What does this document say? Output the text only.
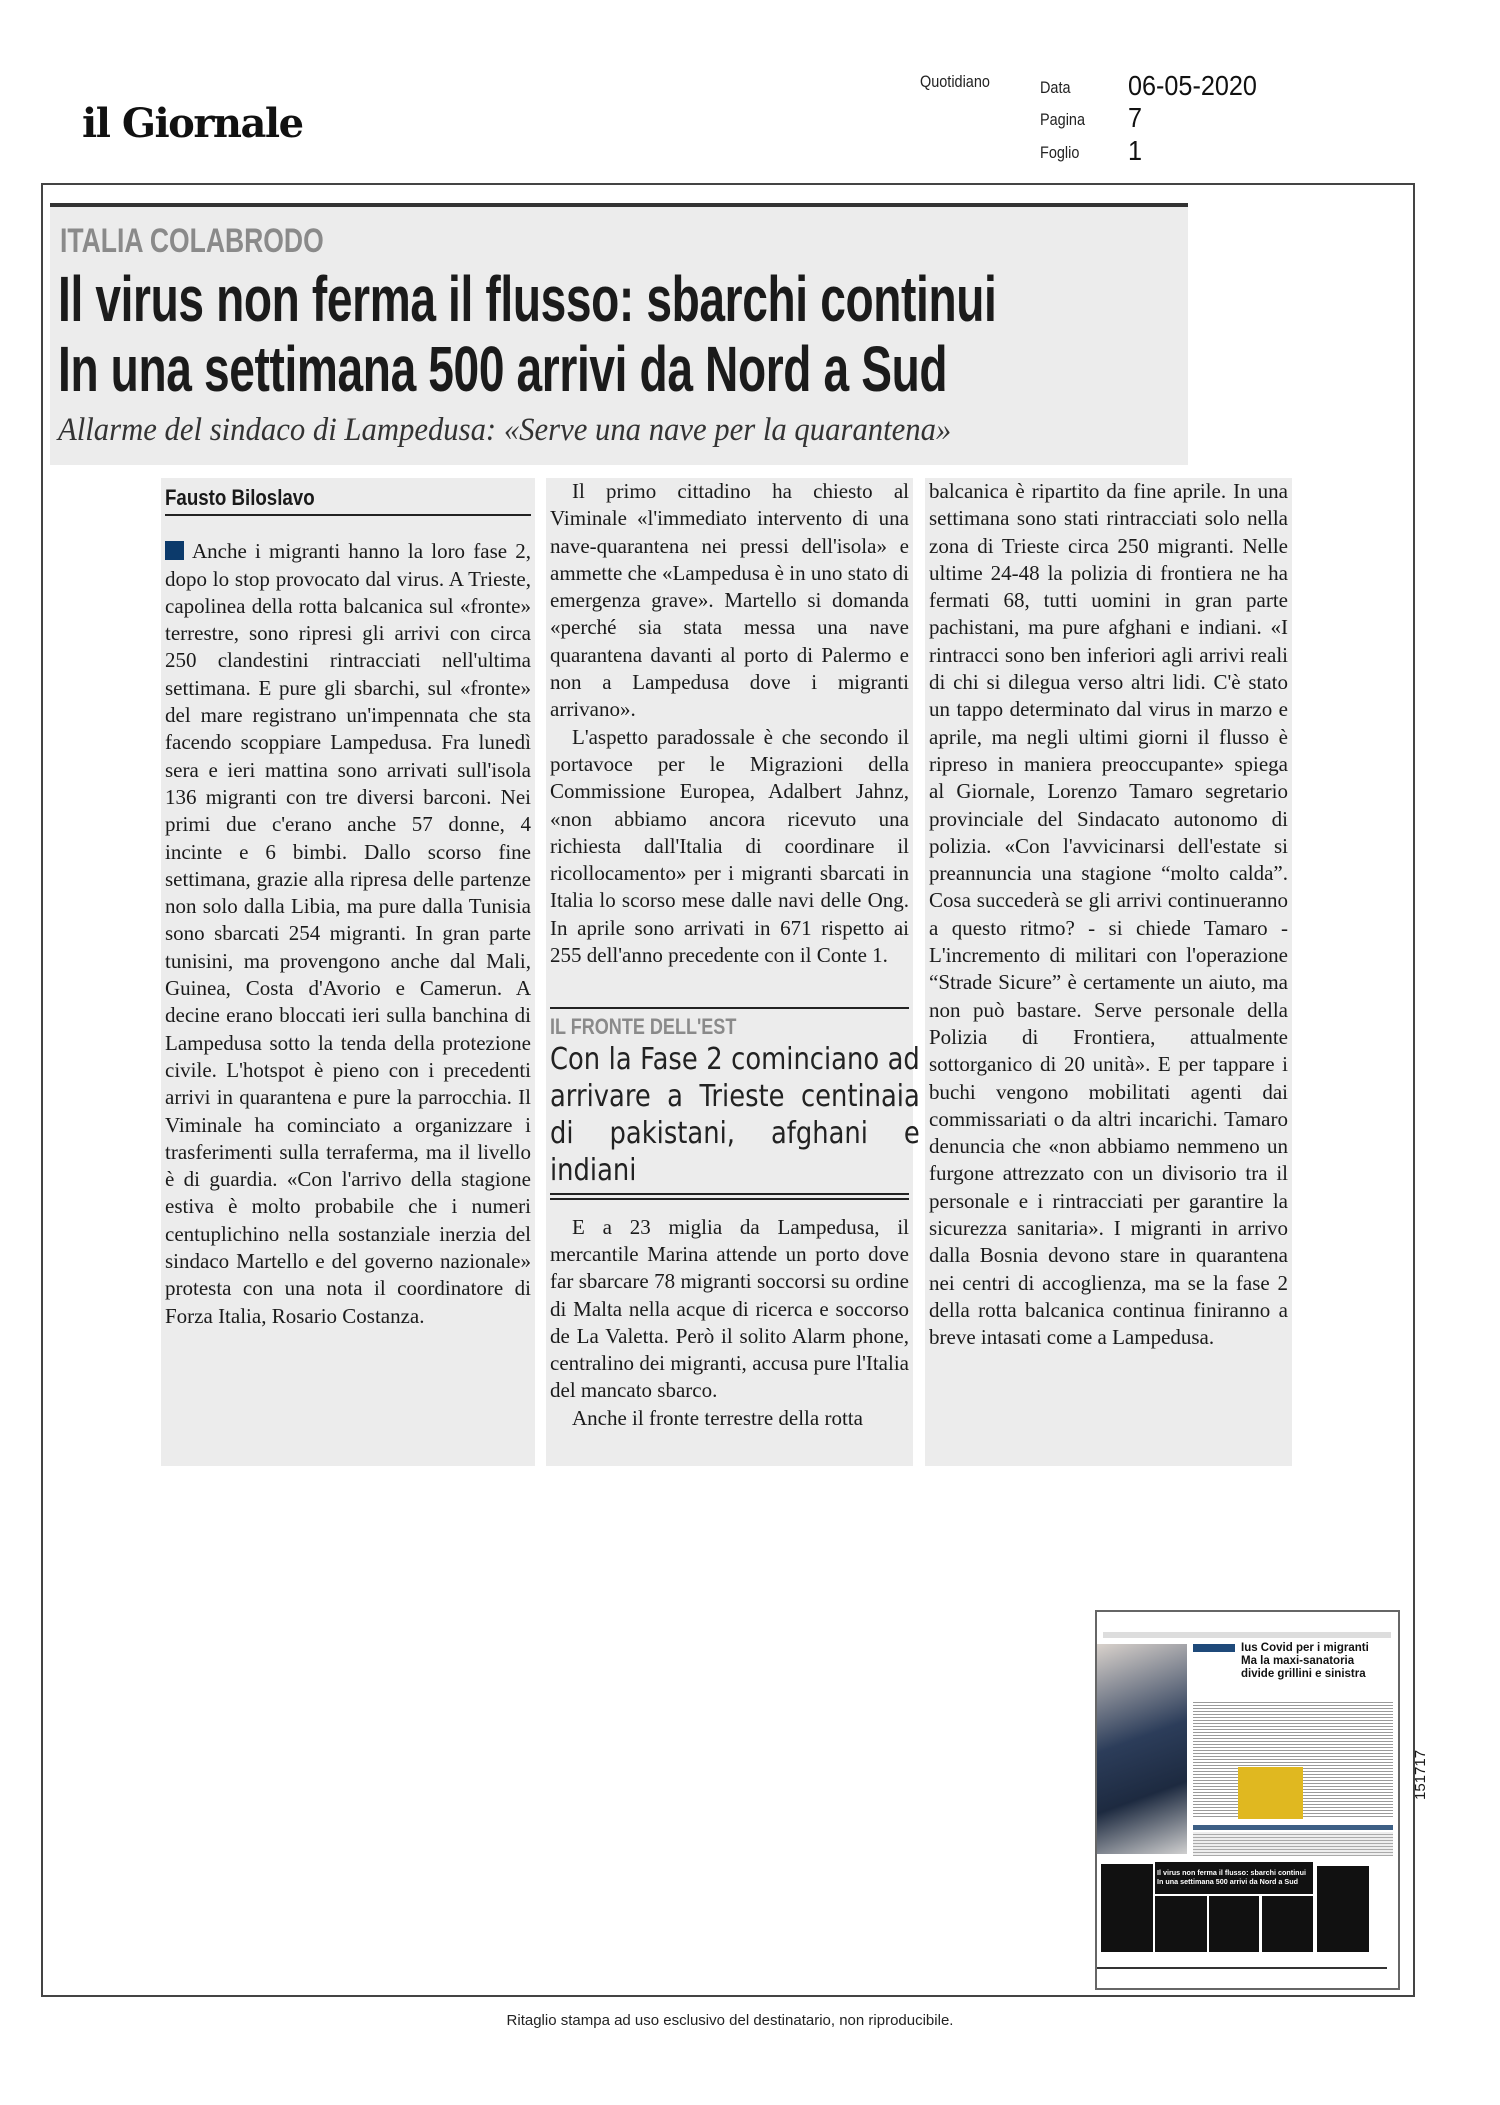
il Giornale
Quotidiano	Data 06-05-2020
Pagina 7
Foglio 1
ITALIA COLABRODO
Il virus non ferma il flusso: sbarchi continui
In una settimana 500 arrivi da Nord a Sud
Allarme del sindaco di Lampedusa: «Serve una nave per la quarantena»
Fausto Biloslavo

Anche i migranti hanno la loro fase 2, dopo lo stop provocato dal virus. A Trieste, capolinea della rotta balcanica sul «fronte» terrestre, sono ripresi gli arrivi con circa 250 clandestini rintracciati nell'ultima settimana. E pure gli sbarchi, sul «fronte» del mare registrano un'impennata che sta facendo scoppiare Lampedusa. Fra lunedì sera e ieri mattina sono arrivati sull'isola 136 migranti con tre diversi barconi. Nei primi due c'erano anche 57 donne, 4 incinte e 6 bimbi. Dallo scorso fine settimana, grazie alla ripresa delle partenze non solo dalla Libia, ma pure dalla Tunisia sono sbarcati 254 migranti. In gran parte tunisini, ma provengono anche dal Mali, Guinea, Costa d'Avorio e Camerun. A decine erano bloccati ieri sulla banchina di Lampedusa sotto la tenda della protezione civile. L'hotspot è pieno con i precedenti arrivi in quarantena e pure la parrocchia. Il Viminale ha cominciato a organizzare i trasferimenti sulla terraferma, ma il livello è di guardia. «Con l'arrivo della stagione estiva è molto probabile che i numeri centuplichino nella sostanziale inerzia del sindaco Martello e del governo nazionale» protesta con una nota il coordinatore di Forza Italia, Rosario Costanza.

Il primo cittadino ha chiesto al Viminale «l'immediato intervento di una nave-quarantena nei pressi dell'isola» e ammette che «Lampedusa è in uno stato di emergenza grave». Martello si domanda «perché sia stata messa una nave quarantena davanti al porto di Palermo e non a Lampedusa dove i migranti arrivano».

L'aspetto paradossale è che secondo il portavoce per le Migrazioni della Commissione Europea, Adalbert Jahnz, «non abbiamo ancora ricevuto una richiesta dall'Italia di coordinare il ricollocamento» per i migranti sbarcati in Italia lo scorso mese dalle navi delle Ong. In aprile sono arrivati in 671 rispetto ai 255 dell'anno precedente con il Conte 1.

IL FRONTE DELL'EST
Con la Fase 2 cominciano ad arrivare a Trieste centinaia di pakistani, afghani e indiani

E a 23 miglia da Lampedusa, il mercantile Marina attende un porto dove far sbarcare 78 migranti soccorsi su ordine di Malta nella acque di ricerca e soccorso de La Valetta. Però il solito Alarm phone, centralino dei migranti, accusa pure l'Italia del mancato sbarco.

Anche il fronte terrestre della rotta

balcanica è ripartito da fine aprile. In una settimana sono stati rintracciati solo nella zona di Trieste circa 250 migranti. Nelle ultime 24-48 la polizia di frontiera ne ha fermati 68, tutti uomini in gran parte pachistani, ma pure afghani e indiani. «I rintracci sono ben inferiori agli arrivi reali di chi si dilegua verso altri lidi. C'è stato un tappo determinato dal virus in marzo e aprile, ma negli ultimi giorni il flusso è ripreso in maniera preoccupante» spiega al Giornale, Lorenzo Tamaro segretario provinciale del Sindacato autonomo di polizia. «Con l'avvicinarsi dell'estate si preannuncia una stagione “molto calda”. Cosa succederà se gli arrivi continueranno a questo ritmo? - si chiede Tamaro - L'incremento di militari con l'operazione “Strade Sicure” è certamente un aiuto, ma non può bastare. Serve personale della Polizia di Frontiera, attualmente sottorganico di 20 unità». E per tappare i buchi vengono mobilitati agenti dai commissariati o da altri incarichi. Tamaro denuncia che «non abbiamo nemmeno un furgone attrezzato con un divisorio tra il personale e i rintracciati per garantire la sicurezza sanitaria». I migranti in arrivo dalla Bosnia devono stare in quarantena nei centri di accoglienza, ma se la fase 2 della rotta balcanica continua finiranno a breve intasati come a Lampedusa.

Ius Covid per i migranti
Ma la maxi-sanatoria
divide grillini e sinistra
Il virus non ferma il flusso: sbarchi continui
In una settimana 500 arrivi da Nord a Sud
151717
Ritaglio stampa ad uso esclusivo del destinatario, non riproducibile.
